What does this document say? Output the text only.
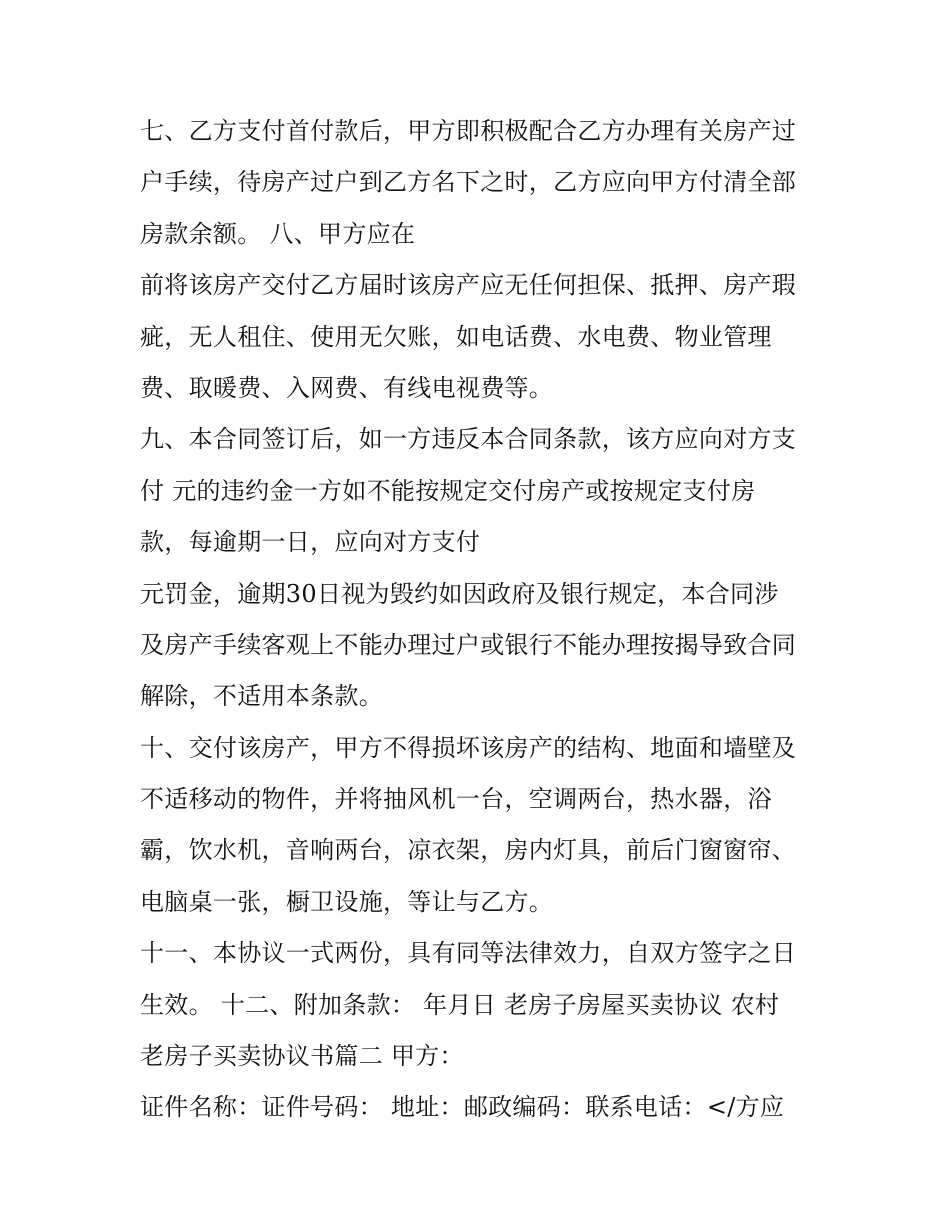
七、乙方支付首付款后，甲方即积极配合乙方办理有关房产过
户手续，待房产过户到乙方名下之时，乙方应向甲方付清全部
房款余额。 八、甲方应在
前将该房产交付乙方届时该房产应无任何担保、抵押、房产瑕
疵，无人租住、使用无欠账，如电话费、水电费、物业管理
费、取暖费、入网费、有线电视费等。
九、本合同签订后，如一方违反本合同条款，该方应向对方支
付 元的违约金一方如不能按规定交付房产或按规定支付房
款，每逾期一日，应向对方支付
元罚金，逾期30日视为毁约如因政府及银行规定，本合同涉
及房产手续客观上不能办理过户或银行不能办理按揭导致合同
解除，不适用本条款。
十、交付该房产，甲方不得损坏该房产的结构、地面和墙壁及
不适移动的物件，并将抽风机一台，空调两台，热水器，浴
霸，饮水机，音响两台，凉衣架，房内灯具，前后门窗窗帘、
电脑桌一张，橱卫设施，等让与乙方。
十一、本协议一式两份，具有同等法律效力，自双方签字之日
生效。 十二、附加条款： 年月日 老房子房屋买卖协议 农村
老房子买卖协议书篇二 甲方：
证件名称：证件号码： 地址：邮政编码：联系电话：</方应
